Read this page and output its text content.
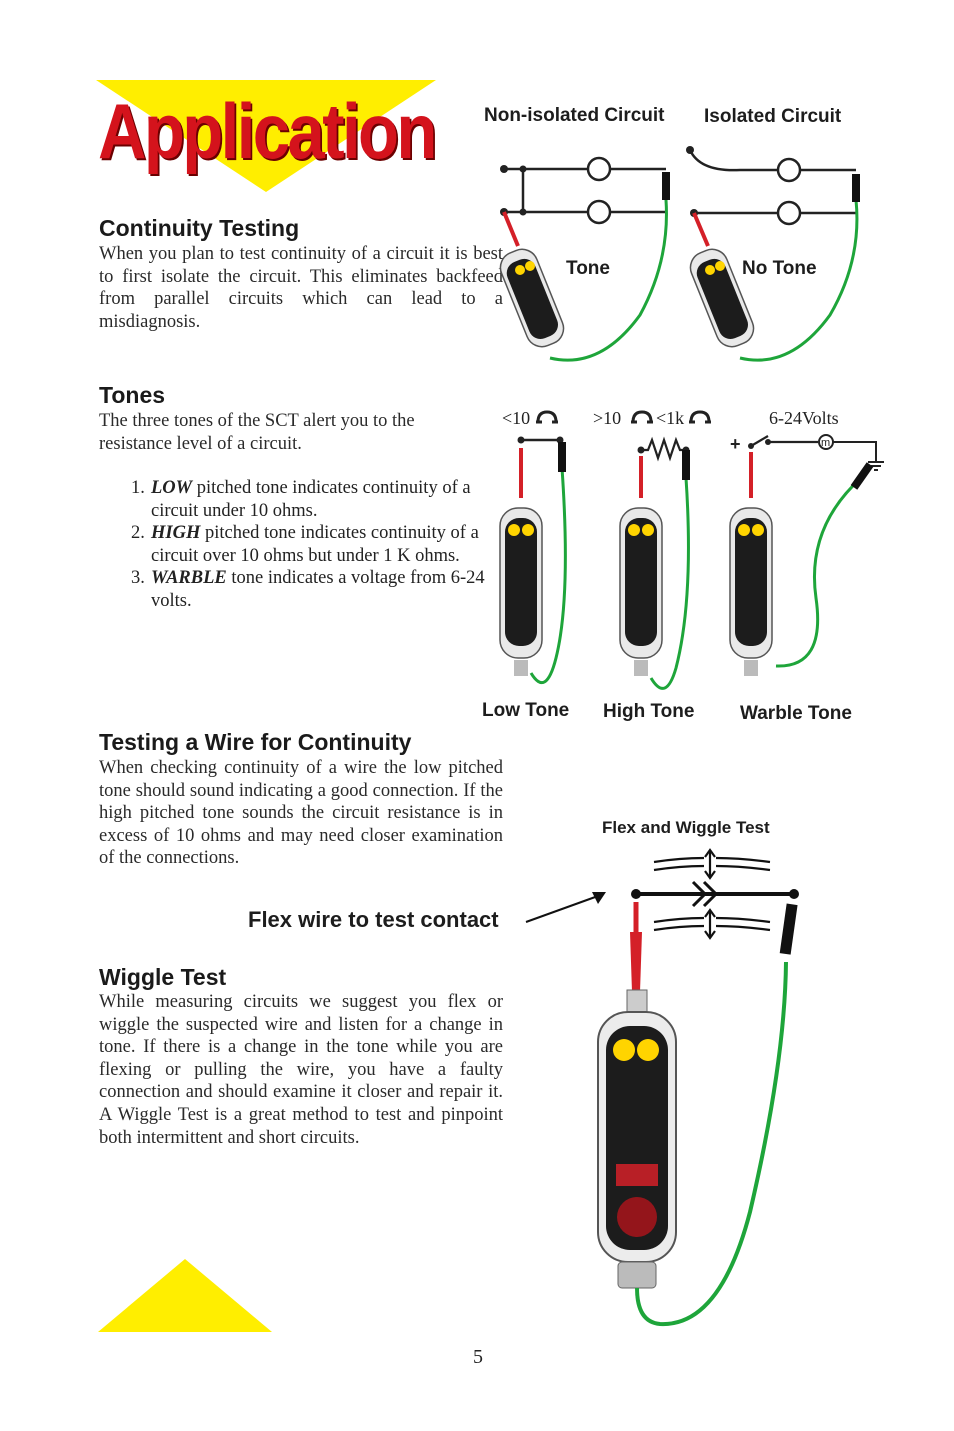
Application
Continuity Testing
When you plan to test continuity of a circuit it is best to first isolate the circuit. This eliminates backfeed from parallel circuits which can lead to a misdiagnosis.
Non-isolated Circuit Isolated Circuit
Tone	No Tone
Tones
The three tones of the SCT alert you to the resistance level of a circuit.
1. LOW pitched tone indicates continuity of a circuit under 10 ohms.
2. HIGH pitched tone indicates continuity of a circuit over 10 ohms but under 1 K ohms.
3. WARBLE tone indicates a voltage from 6-24 volts.
<10	>10 <1k	6-24Volts
+	m
Low Tone High Tone Warble Tone
Testing a Wire for Continuity
When checking continuity of a wire the low pitched tone should sound indicating a good connection. If the high pitched tone sounds the circuit resistance is in excess of 10 ohms and may need closer examination of the connections.
Flex wire to test contact
Flex and Wiggle Test
Wiggle Test
While measuring circuits we suggest you flex or wiggle the suspected wire and listen for a change in tone. If there is a change in the tone while you are flexing or pulling the wire, you have a faulty connection and should examine it closer and repair it. A Wiggle Test is a great method to test and pinpoint both intermittent and short circuits.
5
